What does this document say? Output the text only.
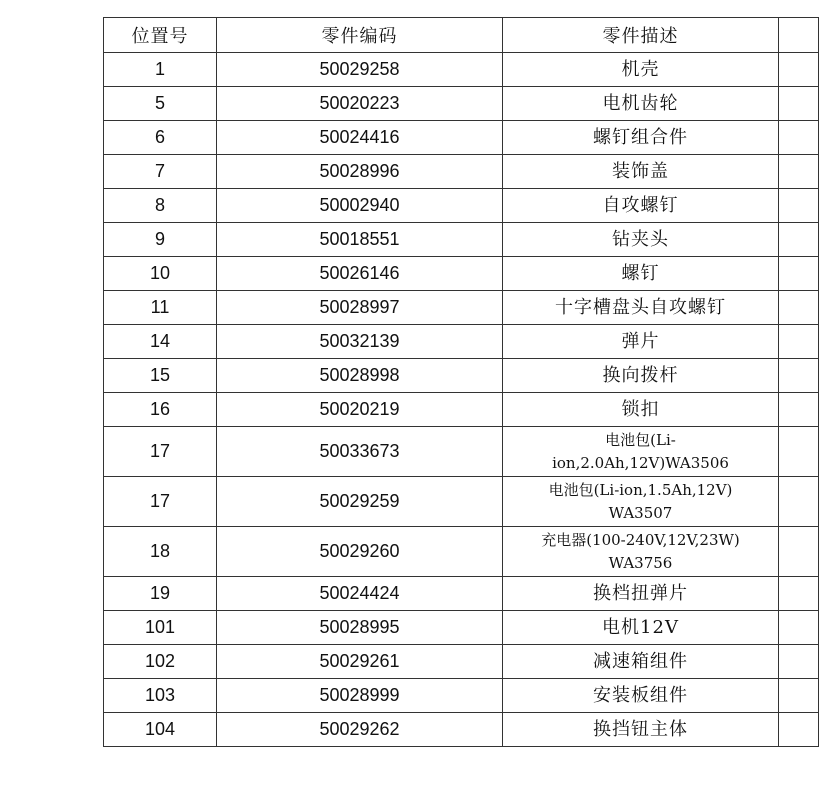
位置号	零件编码	零件描述	
1	50029258	机壳	
5	50020223	电机齿轮	
6	50024416	螺钉组合件	
7	50028996	装饰盖	
8	50002940	自攻螺钉	
9	50018551	钻夹头	
10	50026146	螺钉	
11	50028997	十字槽盘头自攻螺钉	
14	50032139	弹片	
15	50028998	换向拨杆	
16	50020219	锁扣	
17	50033673	电池包(Li-
ion,2.0Ah,12V)WA3506	
17	50029259	电池包(Li-ion,1.5Ah,12V)
WA3507	
18	50029260	充电器(100-240V,12V,23W)
WA3756	
19	50024424	换档扭弹片	
101	50028995	电机12V	
102	50029261	减速箱组件	
103	50028999	安装板组件	
104	50029262	换挡钮主体	
